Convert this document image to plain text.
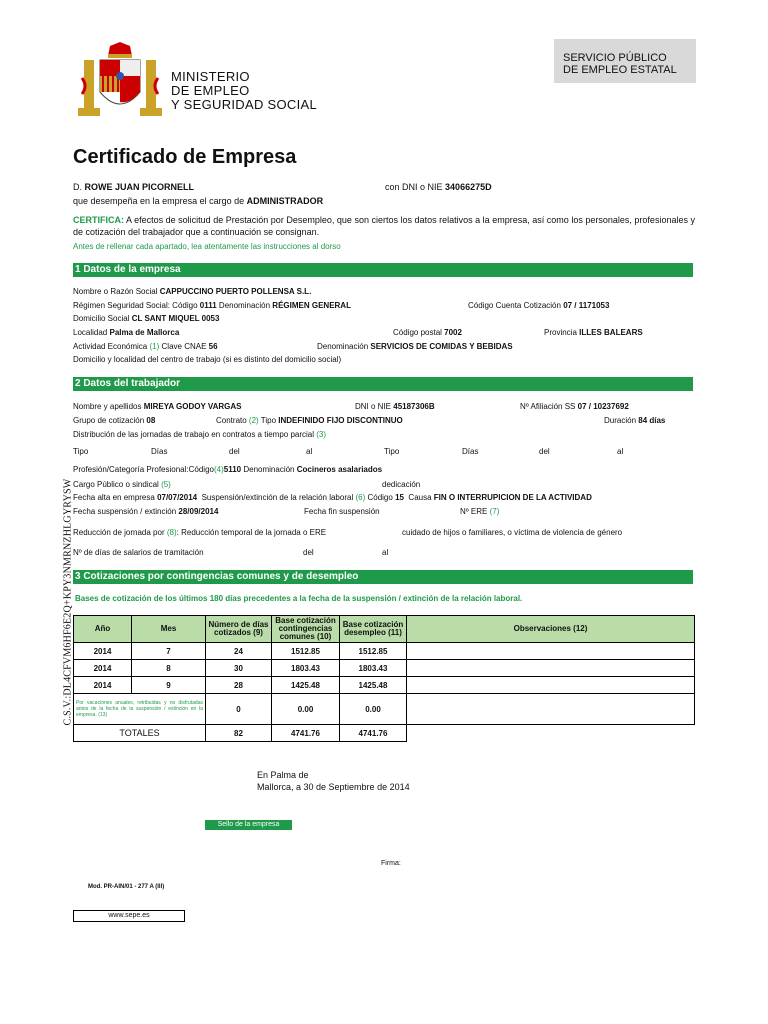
MINISTERIO
DE EMPLEO
Y SEGURIDAD SOCIAL
SERVICIO PÚBLICO
DE EMPLEO ESTATAL
Certificado de Empresa
D. ROWE JUAN PICORNELL	con DNI o NIE 34066275D
que desempeña en la empresa el cargo de ADMINISTRADOR
CERTIFICA: A efectos de solicitud de Prestación por Desempleo, que son ciertos los datos relativos a la empresa, así como los personales, profesionales y de cotización del trabajador que a continuación se consignan.
Antes de rellenar cada apartado, lea atentamente las instrucciones al dorso
1 Datos de la empresa
Nombre o Razón Social CAPPUCCINO PUERTO POLLENSA S.L.
Régimen Seguridad Social: Código 0111 Denominación RÉGIMEN GENERAL	Código Cuenta Cotización 07 / 1171053
Domicilio Social CL SANT MIQUEL 0053
Localidad Palma de Mallorca	Código postal 7002	Provincia ILLES BALEARS
Actividad Económica (1) Clave CNAE 56	Denominación SERVICIOS DE COMIDAS Y BEBIDAS
Domicilio y localidad del centro de trabajo (si es distinto del domicilio social)
2 Datos del trabajador
Nombre y apellidos MIREYA GODOY VARGAS	DNI o NIE 45187306B	Nº Afiliación SS 07 / 10237692
Grupo de cotización 08	Contrato (2) Tipo INDEFINIDO FIJO DISCONTINUO	Duración 84 días
Distribución de las jornadas de trabajo en contratos a tiempo parcial (3)
Tipo	Días	del	al	Tipo	Días	del	al
Profesión/Categoría Profesional:Código(4)5110 Denominación Cocineros asalariados
Cargo Público o sindical (5)	dedicación
Fecha alta en empresa 07/07/2014 Suspensión/extinción de la relación laboral (6) Código 15 Causa FIN O INTERRUPICION DE LA ACTIVIDAD
Fecha suspensión / extinción 28/09/2014	Fecha fin suspensión	Nº ERE (7)
Reducción de jornada por (8): Reducción temporal de la jornada o ERE	cuidado de hijos o familiares, o víctima de violencia de género
Nº de días de salarios de tramitación	del	al
3 Cotizaciones por contingencias comunes y de desempleo
Bases de cotización de los últimos 180 días precedentes a la fecha de la suspensión / extinción de la relación laboral.
Año	Mes	Número de días cotizados (9)	Base cotización contingencias comunes (10)	Base cotización desempleo (11)	Observaciones (12)
2014	7	24	1512.85	1512.85	
2014	8	30	1803.43	1803.43	
2014	9	28	1425.48	1425.48	
Por vacaciones anuales, retribuidas y no disfrutadas antes de la fecha de la suspensión / extinción en la empresa. (13)		0	0.00	0.00	
TOTALES		82	4741.76	4741.76	
En Palma de
Mallorca, a 30 de Septiembre de 2014
Sello de la empresa
Firma:
Mod. PR-AIN/01 - 277 A (III)
www.sepe.es
C.S.V.:DL4CFVM6HF6E2Q+KPY3NMRNZHLGYRYSW
